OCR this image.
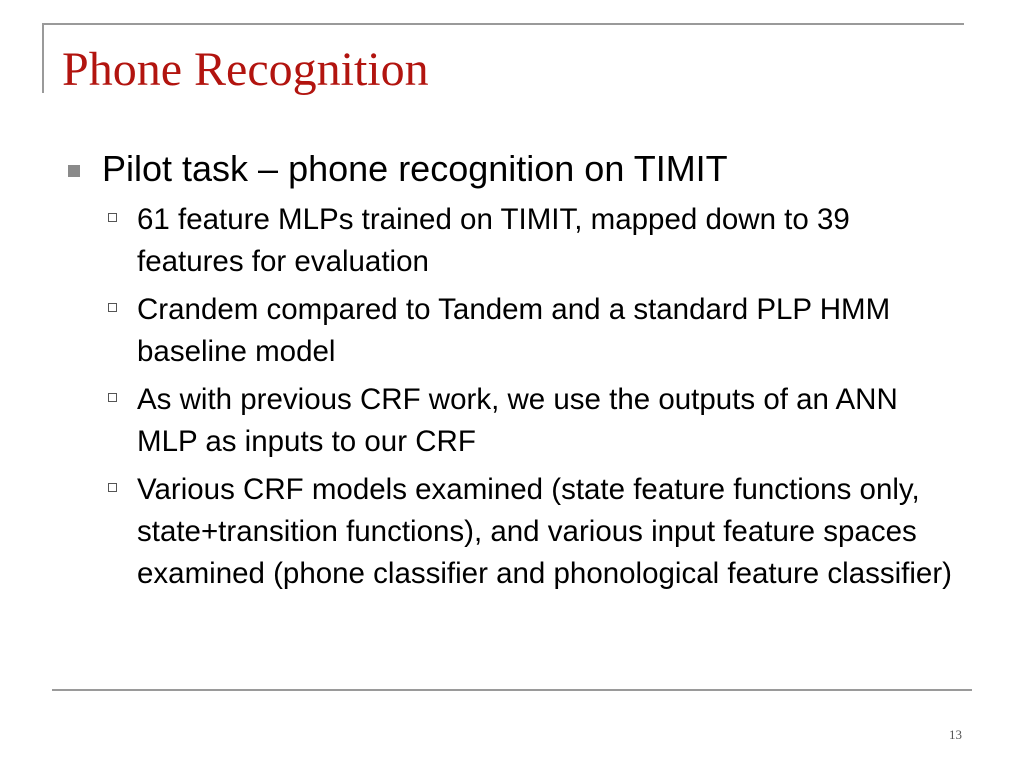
Phone Recognition
Pilot task – phone recognition on TIMIT
61 feature MLPs trained on TIMIT, mapped down to 39 features for evaluation
Crandem compared to Tandem and a standard PLP HMM baseline model
As with previous CRF work, we use the outputs of an ANN MLP as inputs to our CRF
Various CRF models examined (state feature functions only, state+transition functions), and various input feature spaces examined (phone classifier and phonological feature classifier)
13
